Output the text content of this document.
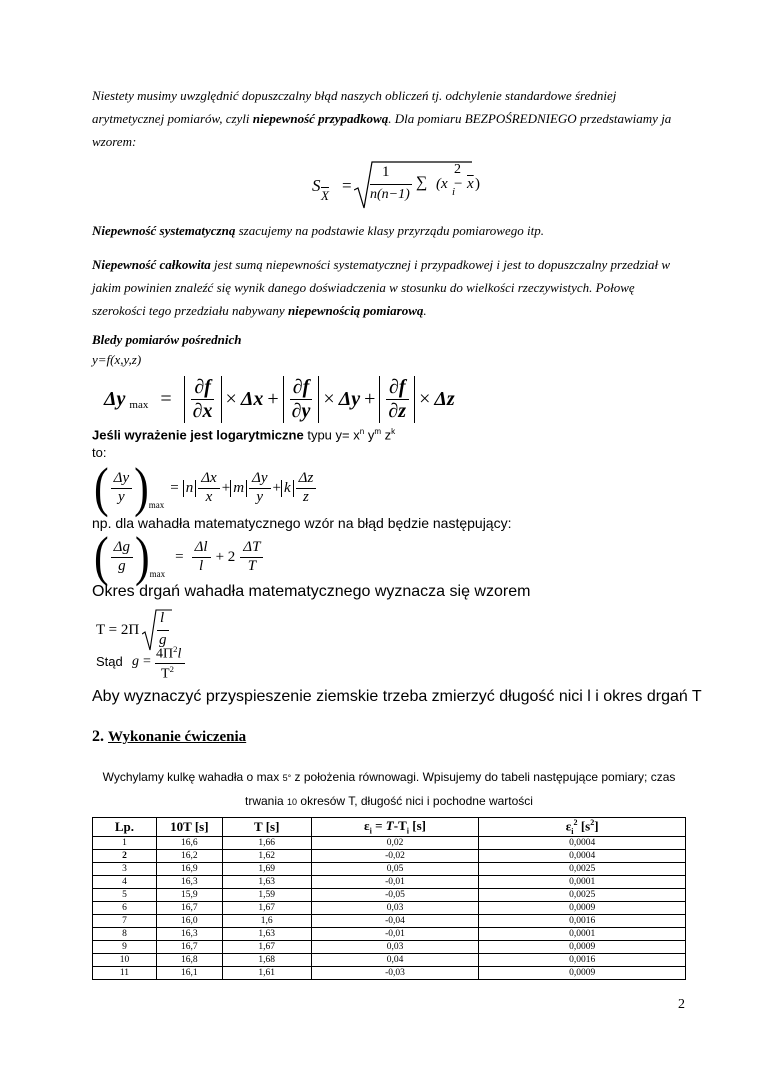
Niestety musimy uwzględnić dopuszczalny błąd naszych obliczeń tj. odchylenie standardowe średniej arytmetycznej pomiarów, czyli niepewność przypadkową. Dla pomiaru BEZPOŚREDNIEGO przedstawiamy ja wzorem:
S
$\overline{X}$
=
1
n(n−1)
∑ (x i
− $\overline{x}$ )
2
Niepewność systematyczną szacujemy na podstawie klasy przyrządu pomiarowego itp.
Niepewność całkowita jest sumą niepewności systematycznej i przypadkowej i jest to dopuszczalny przedział w jakim powinien znaleźć się wynik danego doświadczenia w stosunku do wielkości rzeczywistych. Połowę szerokości tego przedziału nabywany niepewnością pomiarową.
Bledy pomiarów pośrednich
y=f(x,y,z)
Δy $\max = \frac{\partial f}{\partial x} \times \Delta x + \frac{\partial f}{\partial y} \times \Delta y + \frac{\partial f}{\partial z} \times \Delta z$
Jeśli wyrażenie jest logarytmiczne typu $y= x^n$ $y^m$ $z^k$
to:
( $\frac{\Delta y}{y}$ ) max
= n $\frac{\Delta x}{x} + m \frac{\Delta y}{y} + k \frac{\Delta z}{z}$
np. dla wahadła matematycznego wzór na błąd będzie następujący:
( $\frac{\Delta g}{g}$ ) max
= $\frac{\Delta l}{l} + 2 \frac{\Delta T}{T}$
Okres drgań wahadła matematycznego wyznacza się wzorem
T = 2Π
l
g
Stąd $g = 4\Pi^2l$
$T^2$
Aby wyznaczyć przyspieszenie ziemskie trzeba zmierzyć długość nici l i okres drgań T
2. Wykonanie ćwiczenia
Wychylamy kulkę wahadła o max 5° z położenia równowagi. Wpisujemy do tabeli następujące pomiary; czas
trwania 10 okresów T, długość nici i pochodne wartości
Lp.	10T [s]	T [s]	$\varepsilon_i = \overline{T}-T_i$ [s]	$\varepsilon_i^2$ $[s^2]$
1	16,6	1,66	0,02	0,0004
2	16,2	1,62	-0,02	0,0004
3	16,9	1,69	0,05	0,0025
4	16,3	1,63	-0,01	0,0001
5	15,9	1,59	-0,05	0,0025
6	16,7	1,67	0,03	0,0009
7	16,0	1,6	-0,04	0,0016
8	16,3	1,63	-0,01	0,0001
9	16,7	1,67	0,03	0,0009
10	16,8	1,68	0,04	0,0016
11	16,1	1,61	-0,03	0,0009
2
